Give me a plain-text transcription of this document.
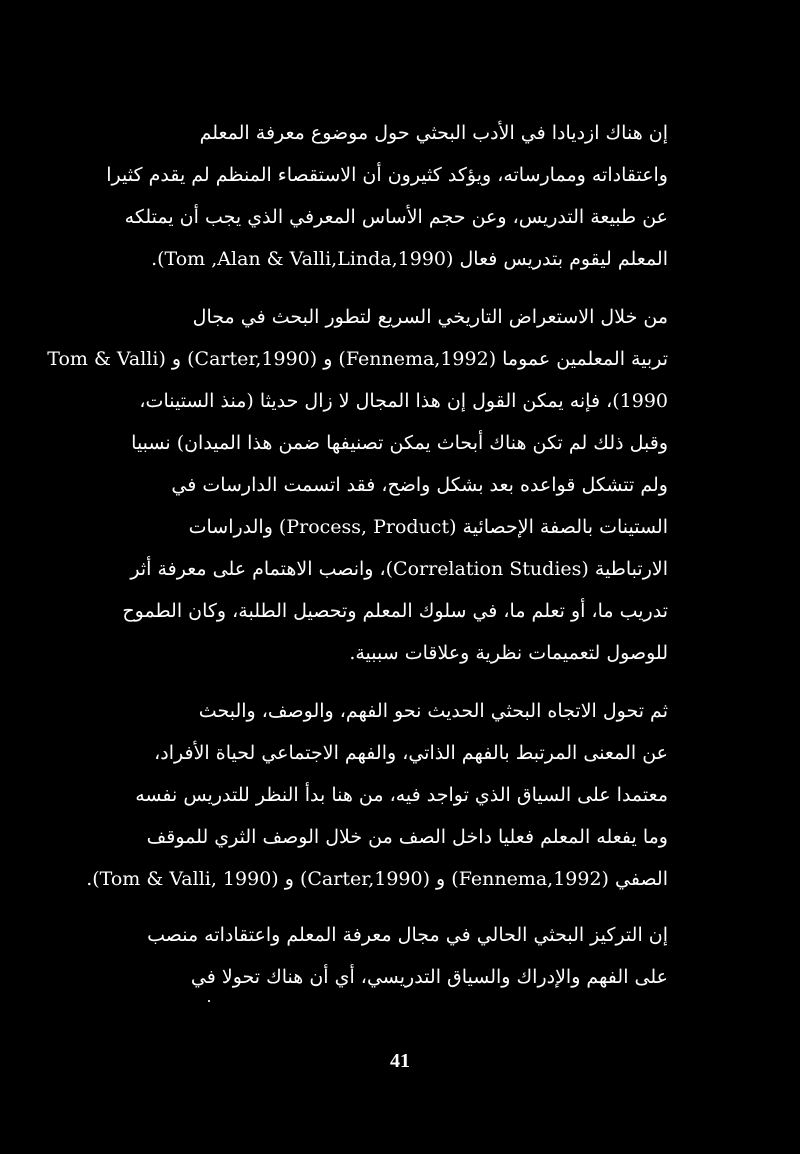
إن هناك ازديادا في الأدب البحثي حول موضوع معرفة المعلم
واعتقاداته وممارساته، ويؤكد كثيرون أن الاستقصاء المنظم لم يقدم كثيرا
عن طبيعة التدريس، وعن حجم الأساس المعرفي الذي يجب أن يمتلكه
المعلم ليقوم بتدريس فعال (Tom ,Alan & Valli,Linda,1990).
من خلال الاستعراض التاريخي السريع لتطور البحث في مجال
تربية المعلمين عموما (Fennema,1992) و (Carter,1990) و (Tom & Valli
1990)، فإنه يمكن القول إن هذا المجال لا زال حديثا (منذ الستينات،
وقبل ذلك لم تكن هناك أبحاث يمكن تصنيفها ضمن هذا الميدان) نسبيا
ولم تتشكل قواعده بعد بشكل واضح، فقد اتسمت الدارسات في
الستينات بالصفة الإحصائية (Process, Product) والدراسات
الارتباطية (Correlation Studies)، وانصب الاهتمام على معرفة أثر
تدريب ما، أو تعلم ما، في سلوك المعلم وتحصيل الطلبة، وكان الطموح
للوصول لتعميمات نظرية وعلاقات سببية.
ثم تحول الاتجاه البحثي الحديث نحو الفهم، والوصف، والبحث
عن المعنى المرتبط بالفهم الذاتي، والفهم الاجتماعي لحياة الأفراد،
معتمدا على السياق الذي تواجد فيه، من هنا بدأ النظر للتدريس نفسه
وما يفعله المعلم فعليا داخل الصف من خلال الوصف الثري للموقف
الصفي (Fennema,1992) و (Carter,1990) و (Tom & Valli, 1990).
إن التركيز البحثي الحالي في مجال معرفة المعلم واعتقاداته منصب
على الفهم والإدراك والسياق التدريسي، أي أن هناك تحولا في
41
